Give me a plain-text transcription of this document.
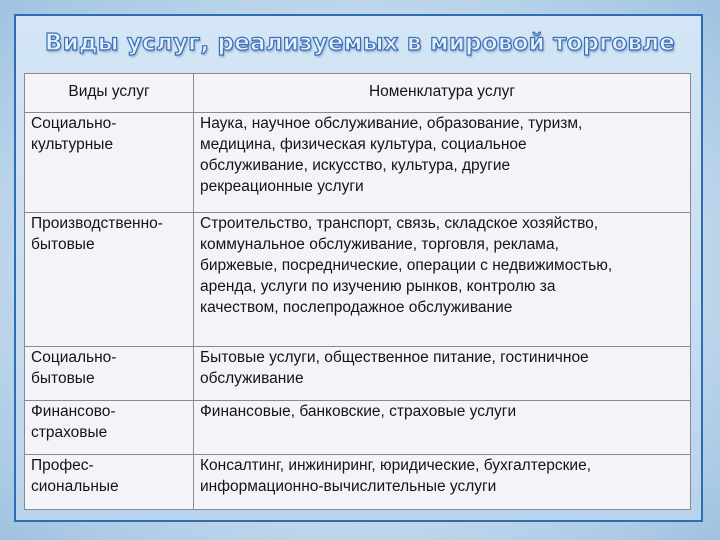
Виды услуг, реализуемых в мировой торговле
Виды услуг	Номенклатура услуг

Социально-
культурные	Наука, научное обслуживание, образование, туризм,
медицина, физическая культура, социальное
обслуживание, искусство, культура, другие
рекреационные услуги

Производственно-
бытовые	Строительство, транспорт, связь, складское хозяйство,
коммунальное обслуживание, торговля, реклама,
биржевые, посреднические, операции с недвижимостью,
аренда, услуги по изучению рынков, контролю за
качеством, послепродажное обслуживание

Социально-
бытовые	Бытовые услуги, общественное питание, гостиничное
обслуживание

Финансово-
страховые	Финансовые, банковские, страховые услуги

Профес-
сиональные	Консалтинг, инжиниринг, юридические, бухгалтерские,
информационно-вычислительные услуги
